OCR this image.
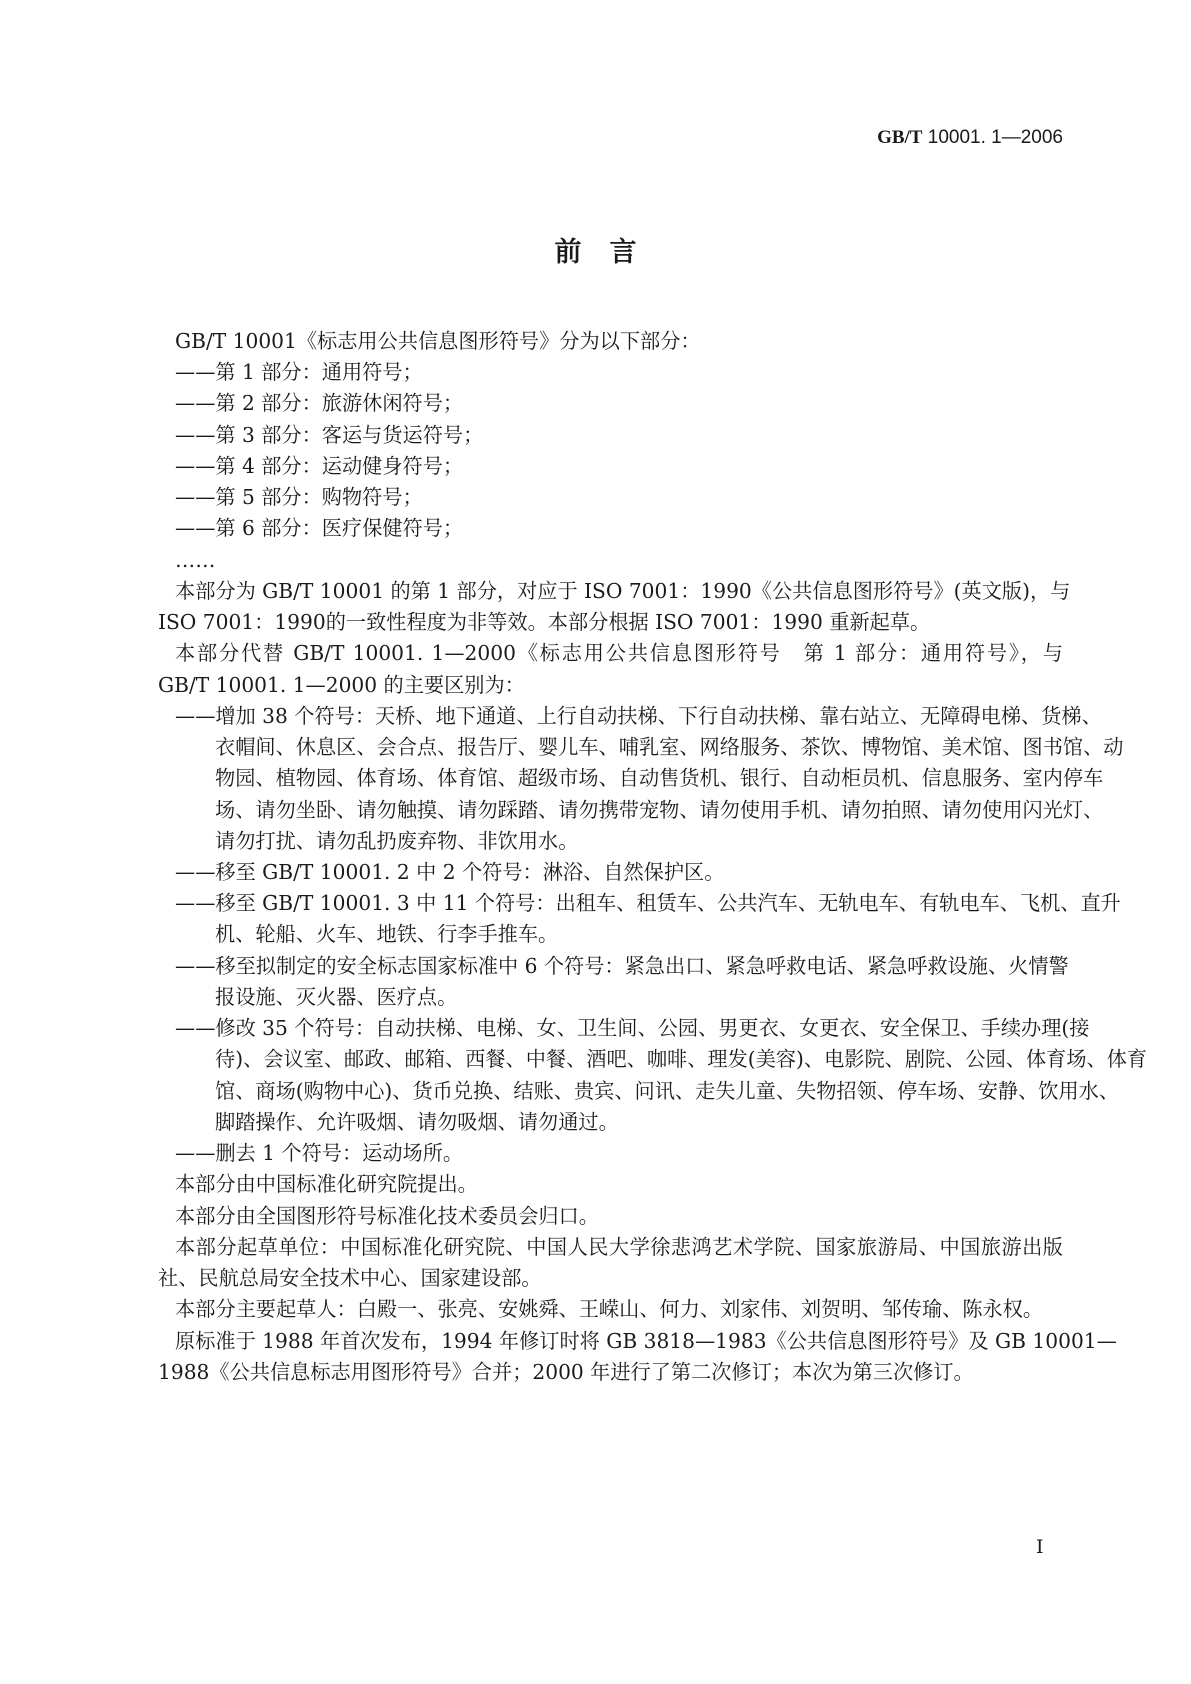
GB/T 10001. 1—2006
前言
GB/T 10001《标志用公共信息图形符号》分为以下部分：
——第 1 部分：通用符号；
——第 2 部分：旅游休闲符号；
——第 3 部分：客运与货运符号；
——第 4 部分：运动健身符号；
——第 5 部分：购物符号；
——第 6 部分：医疗保健符号；
……
本部分为 GB/T 10001 的第 1 部分，对应于 ISO 7001：1990《公共信息图形符号》(英文版)，与
ISO 7001：1990的一致性程度为非等效。本部分根据 ISO 7001：1990 重新起草。
本部分代替 GB/T 10001. 1—2000《标志用公共信息图形符号　第 1 部分：通用符号》，与
GB/T 10001. 1—2000 的主要区别为：
——增加 38 个符号：天桥、地下通道、上行自动扶梯、下行自动扶梯、靠右站立、无障碍电梯、货梯、
衣帽间、休息区、会合点、报告厅、婴儿车、哺乳室、网络服务、茶饮、博物馆、美术馆、图书馆、动
物园、植物园、体育场、体育馆、超级市场、自动售货机、银行、自动柜员机、信息服务、室内停车
场、请勿坐卧、请勿触摸、请勿踩踏、请勿携带宠物、请勿使用手机、请勿拍照、请勿使用闪光灯、
请勿打扰、请勿乱扔废弃物、非饮用水。
——移至 GB/T 10001. 2 中 2 个符号：淋浴、自然保护区。
——移至 GB/T 10001. 3 中 11 个符号：出租车、租赁车、公共汽车、无轨电车、有轨电车、飞机、直升
机、轮船、火车、地铁、行李手推车。
——移至拟制定的安全标志国家标准中 6 个符号：紧急出口、紧急呼救电话、紧急呼救设施、火情警
报设施、灭火器、医疗点。
——修改 35 个符号：自动扶梯、电梯、女、卫生间、公园、男更衣、女更衣、安全保卫、手续办理(接
待)、会议室、邮政、邮箱、西餐、中餐、酒吧、咖啡、理发(美容)、电影院、剧院、公园、体育场、体育
馆、商场(购物中心)、货币兑换、结账、贵宾、问讯、走失儿童、失物招领、停车场、安静、饮用水、
脚踏操作、允许吸烟、请勿吸烟、请勿通过。
——删去 1 个符号：运动场所。
本部分由中国标准化研究院提出。
本部分由全国图形符号标准化技术委员会归口。
本部分起草单位：中国标准化研究院、中国人民大学徐悲鸿艺术学院、国家旅游局、中国旅游出版
社、民航总局安全技术中心、国家建设部。
本部分主要起草人：白殿一、张亮、安姚舜、王嵘山、何力、刘家伟、刘贺明、邹传瑜、陈永权。
原标准于 1988 年首次发布，1994 年修订时将 GB 3818—1983《公共信息图形符号》及 GB 10001—
1988《公共信息标志用图形符号》合并；2000 年进行了第二次修订；本次为第三次修订。
I
